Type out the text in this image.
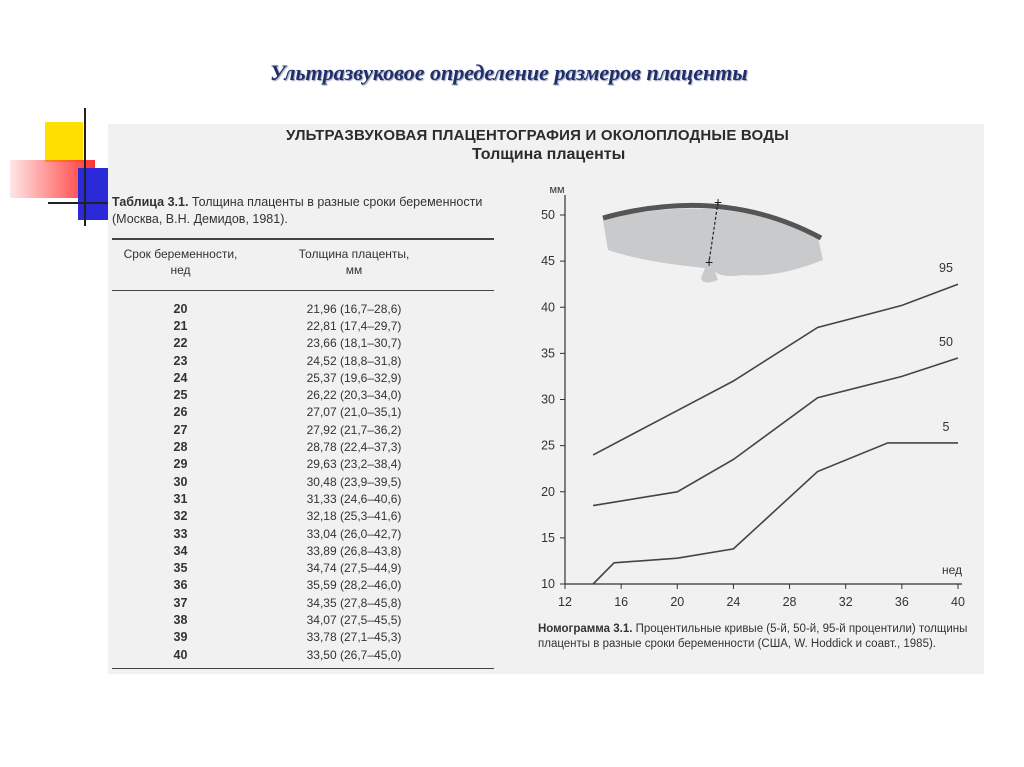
Ультразвуковое определение размеров плаценты
УЛЬТРАЗВУКОВАЯ ПЛАЦЕНТОГРАФИЯ И ОКОЛОПЛОДНЫЕ ВОДЫ
Толщина плаценты
Таблица 3.1. Толщина плаценты в разные сроки беременности (Москва, В.Н. Демидов, 1981).
Срок беременности,
нед
Толщина плаценты,
мм
20	21,96 (16,7–28,6)
21	22,81 (17,4–29,7)
22	23,66 (18,1–30,7)
23	24,52 (18,8–31,8)
24	25,37 (19,6–32,9)
25	26,22 (20,3–34,0)
26	27,07 (21,0–35,1)
27	27,92 (21,7–36,2)
28	28,78 (22,4–37,3)
29	29,63 (23,2–38,4)
30	30,48 (23,9–39,5)
31	31,33 (24,6–40,6)
32	32,18 (25,3–41,6)
33	33,04 (26,0–42,7)
34	33,89 (26,8–43,8)
35	34,74 (27,5–44,9)
36	35,59 (28,2–46,0)
37	34,35 (27,8–45,8)
38	34,07 (27,5–45,5)
39	33,78 (27,1–45,3)
40	33,50 (26,7–45,0)
+
+
мм
нед
10
15
20
25
30
35
40
45
50
12	16	20	24	28	32	36	40
95
50
5
Номограмма 3.1. Процентильные кривые (5-й, 50-й, 95-й процентили) толщины плаценты в разные сроки беременности (США, W. Hoddick и соавт., 1985).
